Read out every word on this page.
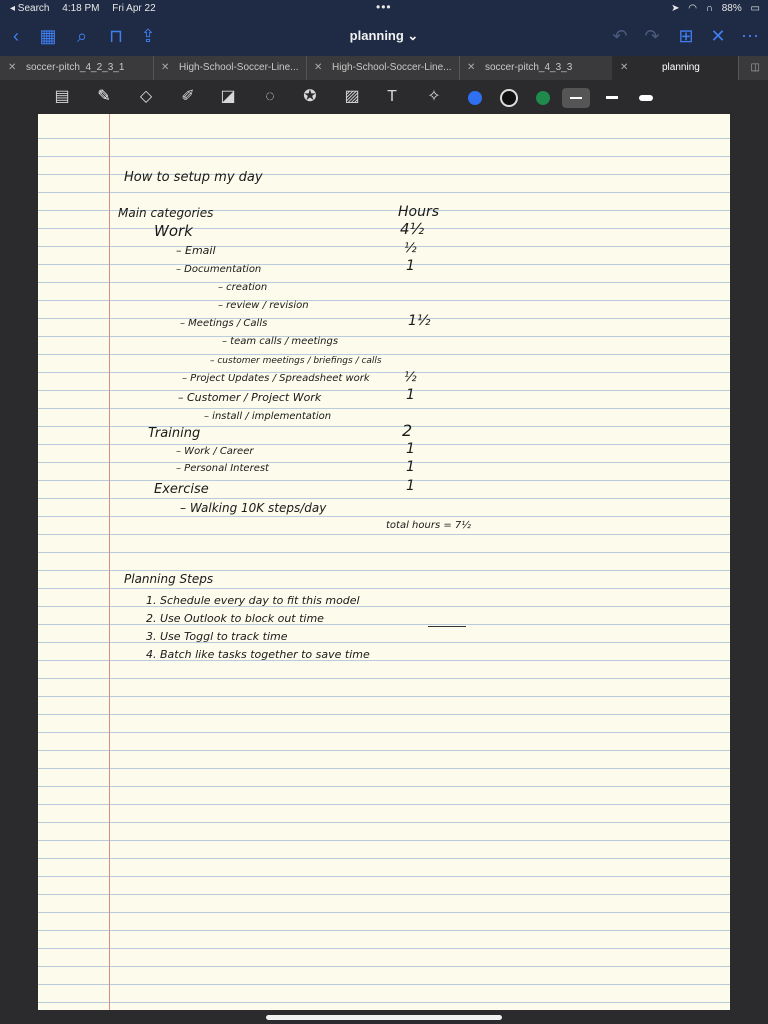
◂ Search 4:18 PM Fri Apr 22	•••	➤ ◠ ∩ 88% ▭
‹	▦	⌕	⊓ ⇪	planning ⌄	↶ ↷ ⊞ ✕ ⋯
✕ soccer-pitch_4_2_3_1	✕ High-School-Soccer-Line... ✕ High-School-Soccer-Line... ✕ soccer-pitch_4_3_3	✕	planning	◫
▤	✎	◇	✐	◪	◌	✪	▨	T	✧
How to setup my day
Main categories	Hours
Work	4½
– Email	½
– Documentation	1
– creation
– review / revision
– Meetings / Calls	1½
– team calls / meetings
– customer meetings / briefings / calls
– Project Updates / Spreadsheet work	½
– Customer / Project Work	1
– install / implementation
Training	2
– Work / Career	1
– Personal Interest	1
Exercise	1
– Walking 10K steps/day
total hours = 7½
Planning Steps
1. Schedule every day to fit this model
2. Use Outlook to block out time
3. Use Toggl to track time
4. Batch like tasks together to save time
